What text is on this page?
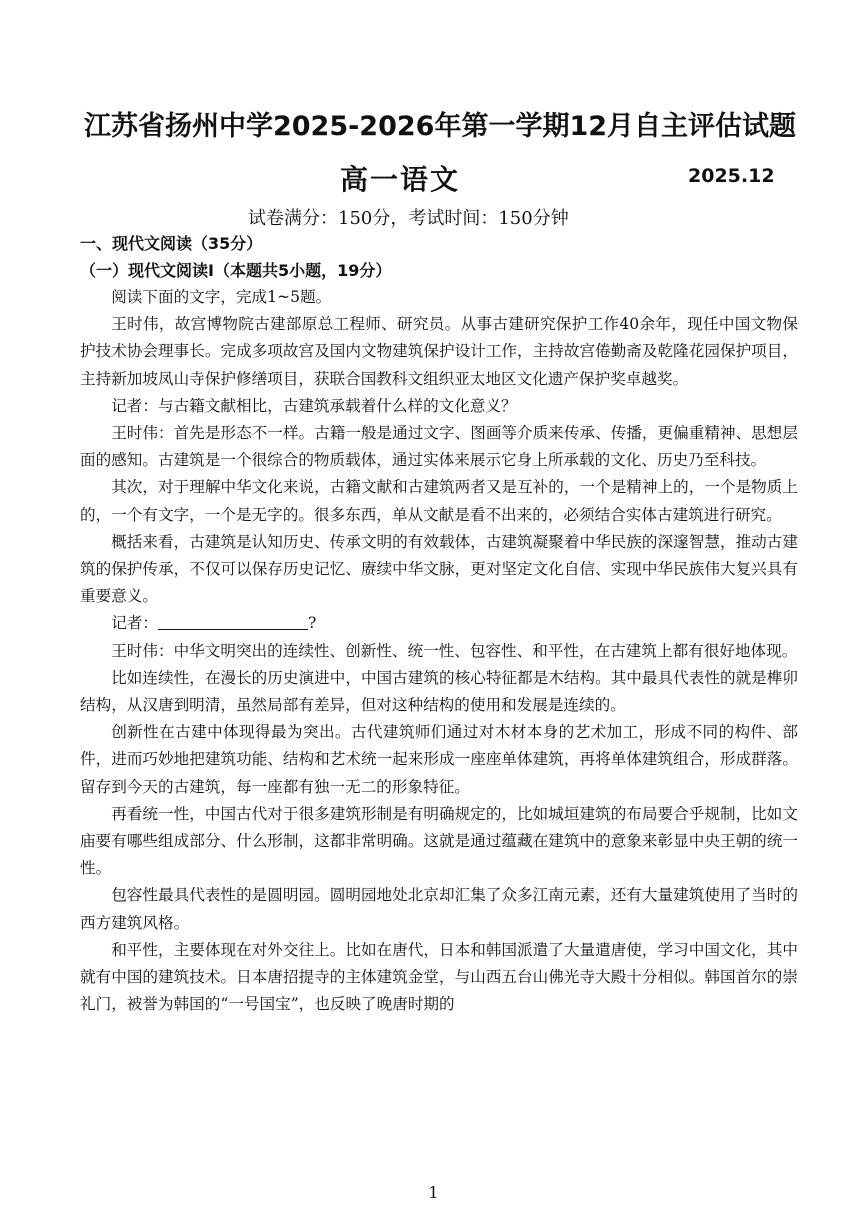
江苏省扬州中学2025-2026年第一学期12月自主评估试题
高一语文	2025.12
试卷满分：150分，考试时间：150分钟
一、现代文阅读（35分）
（一）现代文阅读Ⅰ（本题共5小题，19分）

阅读下面的文字，完成1~5题。

王时伟，故宫博物院古建部原总工程师、研究员。从事古建研究保护工作40余年，现任中国文物保护技术协会理事长。完成多项故宫及国内文物建筑保护设计工作，主持故宫倦勤斋及乾隆花园保护项目，主持新加坡凤山寺保护修缮项目，获联合国教科文组织亚太地区文化遗产保护奖卓越奖。

记者：与古籍文献相比，古建筑承载着什么样的文化意义？

王时伟：首先是形态不一样。古籍一般是通过文字、图画等介质来传承、传播，更偏重精神、思想层面的感知。古建筑是一个很综合的物质载体，通过实体来展示它身上所承载的文化、历史乃至科技。

其次，对于理解中华文化来说，古籍文献和古建筑两者又是互补的，一个是精神上的，一个是物质上的，一个有文字，一个是无字的。很多东西，单从文献是看不出来的，必须结合实体古建筑进行研究。

概括来看，古建筑是认知历史、传承文明的有效载体，古建筑凝聚着中华民族的深邃智慧，推动古建筑的保护传承，不仅可以保存历史记忆、赓续中华文脉，更对坚定文化自信、实现中华民族伟大复兴具有重要意义。

记者：	?

王时伟：中华文明突出的连续性、创新性、统一性、包容性、和平性，在古建筑上都有很好地体现。

比如连续性，在漫长的历史演进中，中国古建筑的核心特征都是木结构。其中最具代表性的就是榫卯结构，从汉唐到明清，虽然局部有差异，但对这种结构的使用和发展是连续的。

创新性在古建中体现得最为突出。古代建筑师们通过对木材本身的艺术加工，形成不同的构件、部件，进而巧妙地把建筑功能、结构和艺术统一起来形成一座座单体建筑，再将单体建筑组合，形成群落。留存到今天的古建筑，每一座都有独一无二的形象特征。

再看统一性，中国古代对于很多建筑形制是有明确规定的，比如城垣建筑的布局要合乎规制，比如文庙要有哪些组成部分、什么形制，这都非常明确。这就是通过蕴藏在建筑中的意象来彰显中央王朝的统一性。

包容性最具代表性的是圆明园。圆明园地处北京却汇集了众多江南元素，还有大量建筑使用了当时的西方建筑风格。

和平性，主要体现在对外交往上。比如在唐代，日本和韩国派遣了大量遣唐使，学习中国文化，其中就有中国的建筑技术。日本唐招提寺的主体建筑金堂，与山西五台山佛光寺大殿十分相似。韩国首尔的崇礼门，被誉为韩国的“一号国宝”，也反映了晚唐时期的

1
